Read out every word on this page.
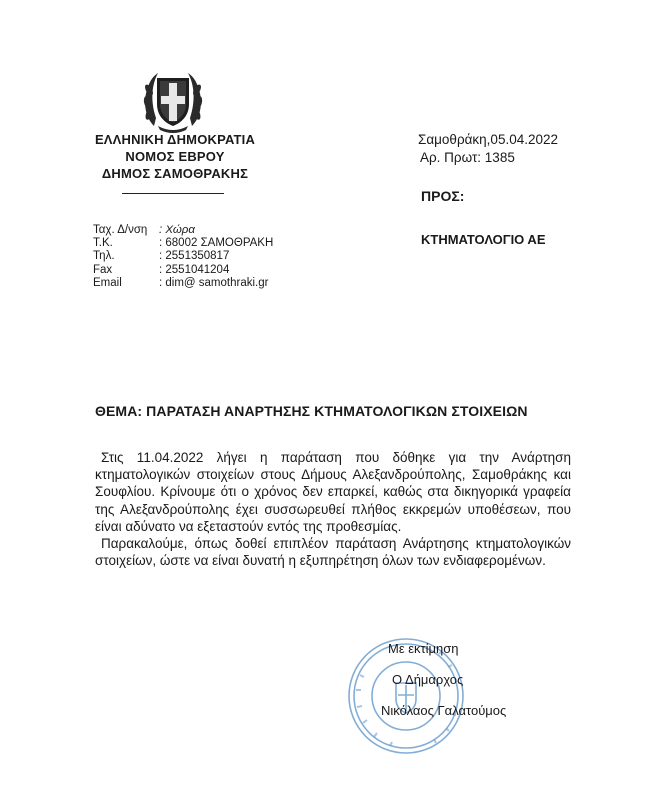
ΕΛΛΗΝΙΚΗ ΔΗΜΟΚΡΑΤΙΑ
ΝΟΜΟΣ ΕΒΡΟΥ
ΔΗΜΟΣ ΣΑΜΟΘΡΑΚΗΣ
Σαμοθράκη,05.04.2022
Αρ. Πρωτ: 1385
ΠΡΟΣ:
ΚΤΗΜΑΤΟΛΟΓΙΟ ΑΕ
Ταχ. Δ/νση	: Χώρα
Τ.Κ.	: 68002 ΣΑΜΟΘΡΑΚΗ
Τηλ.	: 2551350817
Fax	: 2551041204
Email	: dim@ samothraki.gr
ΘΕΜΑ: ΠΑΡΑΤΑΣΗ ΑΝΑΡΤΗΣΗΣ ΚΤΗΜΑΤΟΛΟΓΙΚΩΝ ΣΤΟΙΧΕΙΩΝ

Στις 11.04.2022 λήγει η παράταση που δόθηκε για την Ανάρτηση κτηματολογικών στοιχείων στους Δήμους Αλεξανδρούπολης, Σαμοθράκης και Σουφλίου. Κρίνουμε ότι ο χρόνος δεν επαρκεί, καθώς στα δικηγορικά γραφεία της Αλεξανδρούπολης έχει συσσωρευθεί πλήθος εκκρεμών υποθέσεων, που είναι αδύνατο να εξεταστούν εντός της προθεσμίας.

Παρακαλούμε, όπως δοθεί επιπλέον παράταση Ανάρτησης κτηματολογικών στοιχείων, ώστε να είναι δυνατή η εξυπηρέτηση όλων των ενδιαφερομένων.

Με εκτίμηση
Ο Δήμαρχος
Νικόλαος Γαλατούμος
